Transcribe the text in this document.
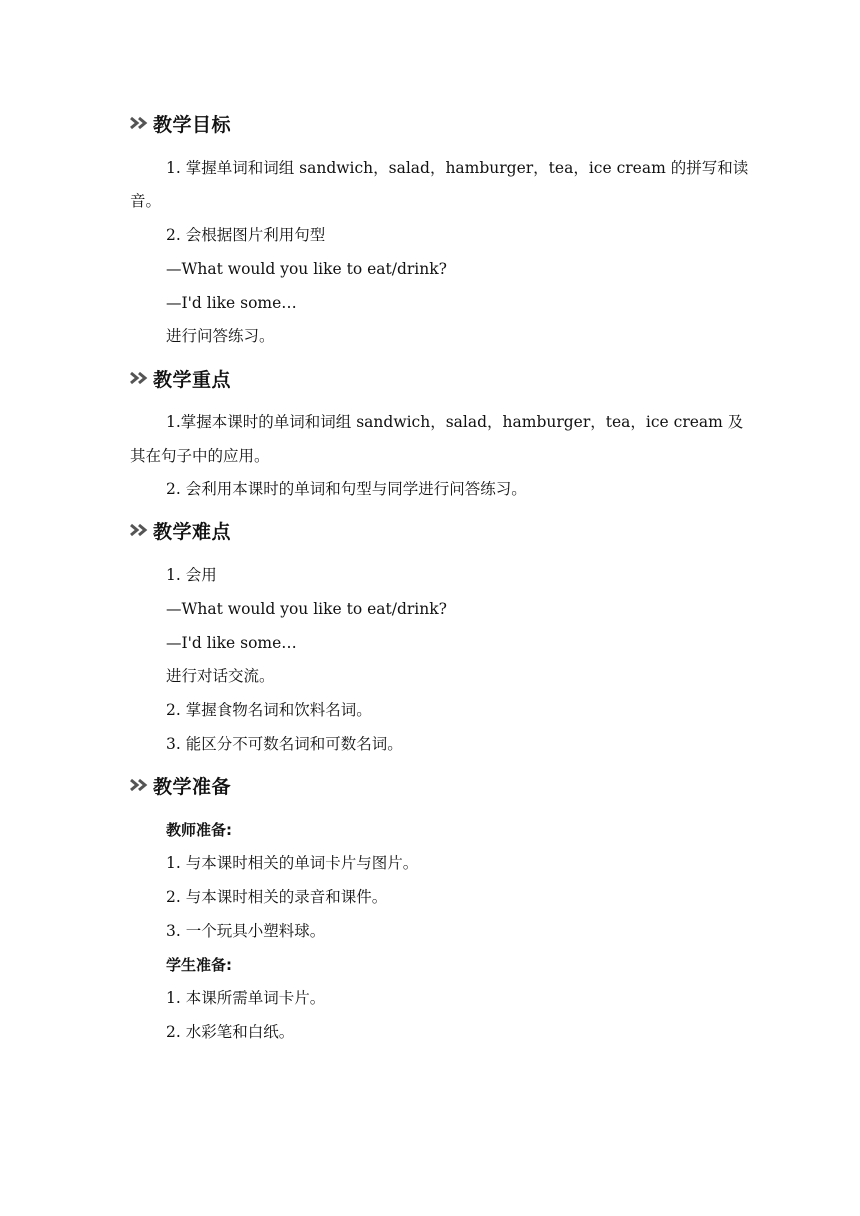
教学目标
1. 掌握单词和词组 sandwich，salad，hamburger，tea，ice cream 的拼写和读
音。
2. 会根据图片利用句型
—What would you like to eat/drink?
—I'd like some…
进行问答练习。
教学重点
1.掌握本课时的单词和词组 sandwich，salad，hamburger，tea，ice cream 及
其在句子中的应用。
2. 会利用本课时的单词和句型与同学进行问答练习。
教学难点
1. 会用
—What would you like to eat/drink?
—I'd like some…
进行对话交流。
2. 掌握食物名词和饮料名词。
3. 能区分不可数名词和可数名词。
教学准备
教师准备:
1. 与本课时相关的单词卡片与图片。
2. 与本课时相关的录音和课件。
3. 一个玩具小塑料球。
学生准备:
1. 本课所需单词卡片。
2. 水彩笔和白纸。
